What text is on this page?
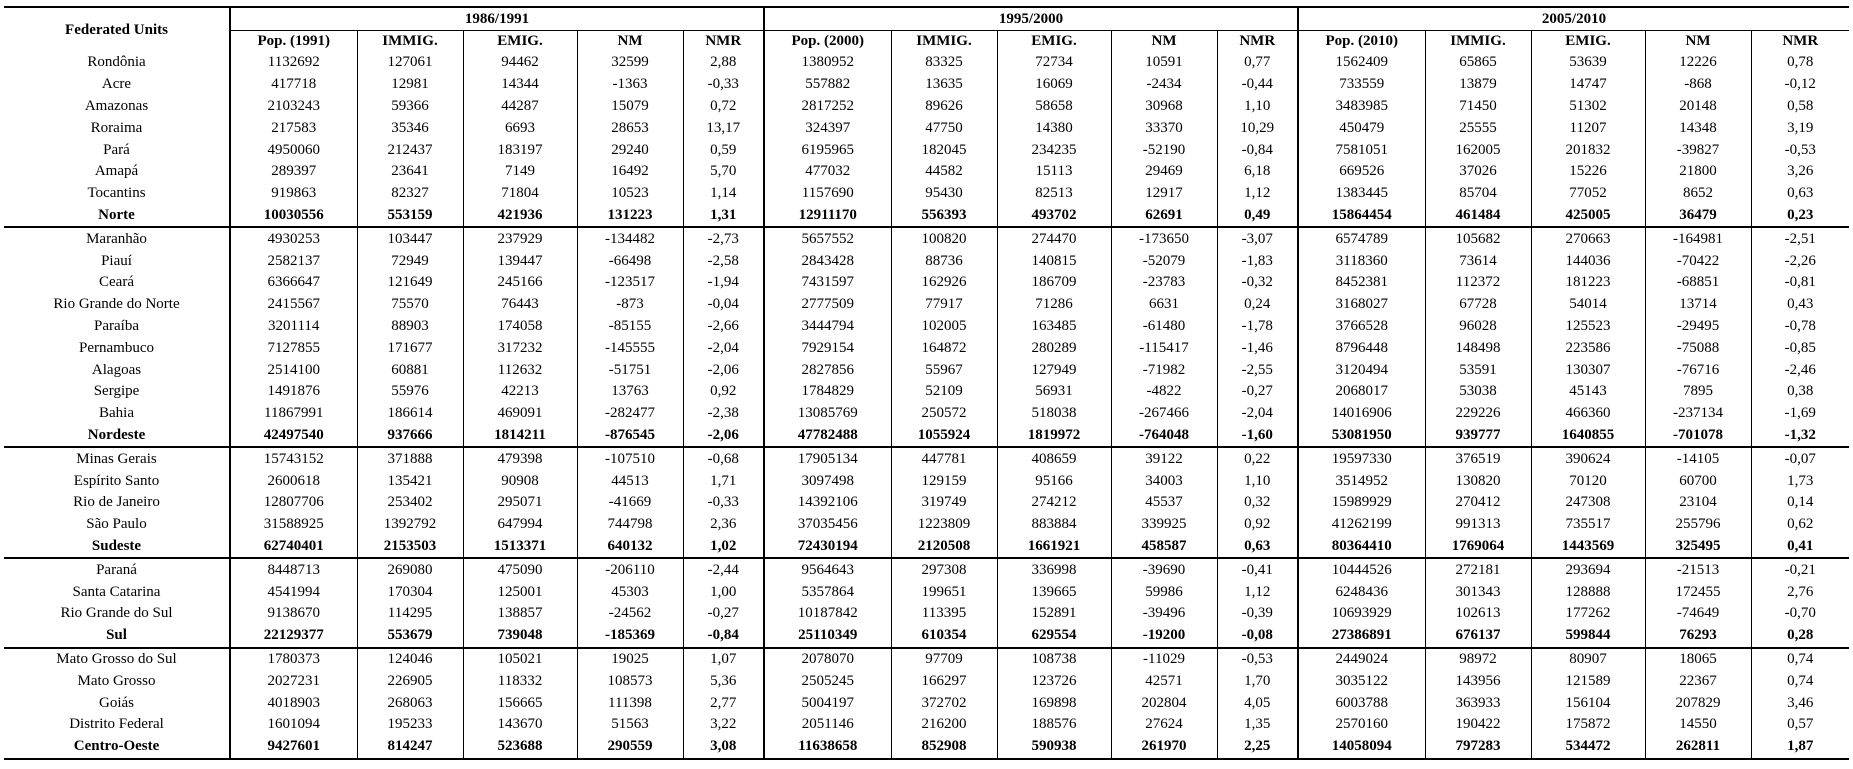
Federated Units	1986/1991					1995/2000					2005/2010				
	Pop. (1991)	IMMIG.	EMIG.	NM	NMR	Pop. (2000)	IMMIG.	EMIG.	NM	NMR	Pop. (2010)	IMMIG.	EMIG.	NM	NMR
Rondônia	1132692	127061	94462	32599	2,88	1380952	83325	72734	10591	0,77	1562409	65865	53639	12226	0,78
Acre	417718	12981	14344	-1363	-0,33	557882	13635	16069	-2434	-0,44	733559	13879	14747	-868	-0,12
Amazonas	2103243	59366	44287	15079	0,72	2817252	89626	58658	30968	1,10	3483985	71450	51302	20148	0,58
Roraima	217583	35346	6693	28653	13,17	324397	47750	14380	33370	10,29	450479	25555	11207	14348	3,19
Pará	4950060	212437	183197	29240	0,59	6195965	182045	234235	-52190	-0,84	7581051	162005	201832	-39827	-0,53
Amapá	289397	23641	7149	16492	5,70	477032	44582	15113	29469	6,18	669526	37026	15226	21800	3,26
Tocantins	919863	82327	71804	10523	1,14	1157690	95430	82513	12917	1,12	1383445	85704	77052	8652	0,63
Norte	10030556	553159	421936	131223	1,31	12911170	556393	493702	62691	0,49	15864454	461484	425005	36479	0,23
Maranhão	4930253	103447	237929	-134482	-2,73	5657552	100820	274470	-173650	-3,07	6574789	105682	270663	-164981	-2,51
Piauí	2582137	72949	139447	-66498	-2,58	2843428	88736	140815	-52079	-1,83	3118360	73614	144036	-70422	-2,26
Ceará	6366647	121649	245166	-123517	-1,94	7431597	162926	186709	-23783	-0,32	8452381	112372	181223	-68851	-0,81
Rio Grande do Norte	2415567	75570	76443	-873	-0,04	2777509	77917	71286	6631	0,24	3168027	67728	54014	13714	0,43
Paraíba	3201114	88903	174058	-85155	-2,66	3444794	102005	163485	-61480	-1,78	3766528	96028	125523	-29495	-0,78
Pernambuco	7127855	171677	317232	-145555	-2,04	7929154	164872	280289	-115417	-1,46	8796448	148498	223586	-75088	-0,85
Alagoas	2514100	60881	112632	-51751	-2,06	2827856	55967	127949	-71982	-2,55	3120494	53591	130307	-76716	-2,46
Sergipe	1491876	55976	42213	13763	0,92	1784829	52109	56931	-4822	-0,27	2068017	53038	45143	7895	0,38
Bahia	11867991	186614	469091	-282477	-2,38	13085769	250572	518038	-267466	-2,04	14016906	229226	466360	-237134	-1,69
Nordeste	42497540	937666	1814211	-876545	-2,06	47782488	1055924	1819972	-764048	-1,60	53081950	939777	1640855	-701078	-1,32
Minas Gerais	15743152	371888	479398	-107510	-0,68	17905134	447781	408659	39122	0,22	19597330	376519	390624	-14105	-0,07
Espírito Santo	2600618	135421	90908	44513	1,71	3097498	129159	95166	34003	1,10	3514952	130820	70120	60700	1,73
Rio de Janeiro	12807706	253402	295071	-41669	-0,33	14392106	319749	274212	45537	0,32	15989929	270412	247308	23104	0,14
São Paulo	31588925	1392792	647994	744798	2,36	37035456	1223809	883884	339925	0,92	41262199	991313	735517	255796	0,62
Sudeste	62740401	2153503	1513371	640132	1,02	72430194	2120508	1661921	458587	0,63	80364410	1769064	1443569	325495	0,41
Paraná	8448713	269080	475090	-206110	-2,44	9564643	297308	336998	-39690	-0,41	10444526	272181	293694	-21513	-0,21
Santa Catarina	4541994	170304	125001	45303	1,00	5357864	199651	139665	59986	1,12	6248436	301343	128888	172455	2,76
Rio Grande do Sul	9138670	114295	138857	-24562	-0,27	10187842	113395	152891	-39496	-0,39	10693929	102613	177262	-74649	-0,70
Sul	22129377	553679	739048	-185369	-0,84	25110349	610354	629554	-19200	-0,08	27386891	676137	599844	76293	0,28
Mato Grosso do Sul	1780373	124046	105021	19025	1,07	2078070	97709	108738	-11029	-0,53	2449024	98972	80907	18065	0,74
Mato Grosso	2027231	226905	118332	108573	5,36	2505245	166297	123726	42571	1,70	3035122	143956	121589	22367	0,74
Goiás	4018903	268063	156665	111398	2,77	5004197	372702	169898	202804	4,05	6003788	363933	156104	207829	3,46
Distrito Federal	1601094	195233	143670	51563	3,22	2051146	216200	188576	27624	1,35	2570160	190422	175872	14550	0,57
Centro-Oeste	9427601	814247	523688	290559	3,08	11638658	852908	590938	261970	2,25	14058094	797283	534472	262811	1,87
